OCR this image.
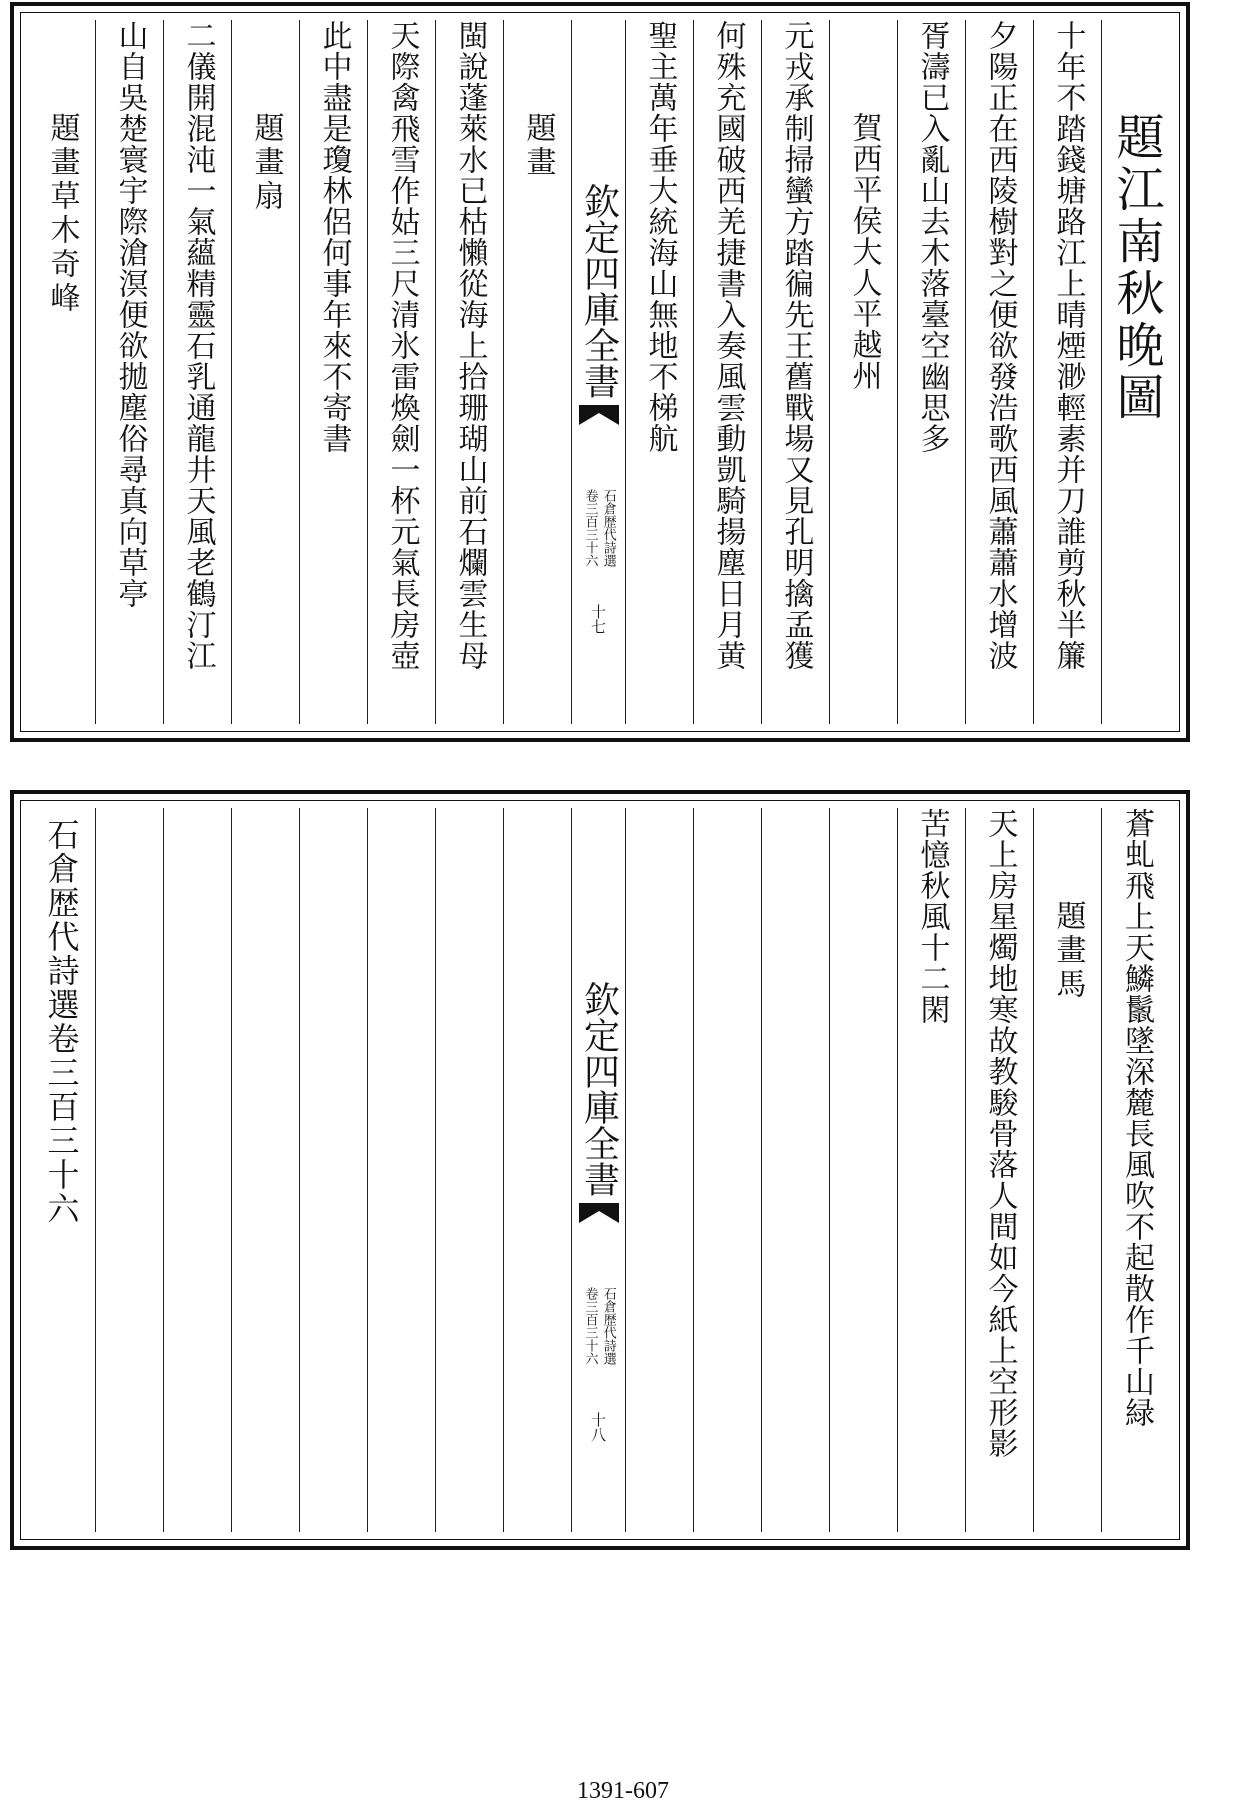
題江南秋晚圖
十年不踏錢塘路江上晴煙渺輕素并刀誰剪秋半簾
夕陽正在西陵樹對之便欲發浩歌西風蕭蕭水增波
胥濤已入亂山去木落臺空幽思多
賀西平侯大人平越州
元戎承制掃蠻方踏徧先王舊戰場又見孔明擒孟獲
何殊充國破西羌捷書入奏風雲動凱騎揚塵日月黄
聖主萬年垂大統海山無地不梯航
欽定四庫全書
石倉歴代詩選
卷三百三十六
十七
題畫
閩說蓬萊水已枯懶從海上拾珊瑚山前石爛雲生母
天際禽飛雪作姑三尺清氷雷煥劍一杯元氣長房壺
此中盡是瓊林侶何事年來不寄書
題畫扇
二儀開混沌一氣蘊精靈石乳通龍井天風老鶴汀江
山自吳楚寰宇際滄溟便欲拋塵俗尋真向草亭
題畫草木奇峰
蒼虬飛上天鱗鬛墜深麓長風吹不起散作千山緑
題畫馬
天上房星燭地寒故教駿骨落人間如今紙上空形影
苦憶秋風十二閑
欽定四庫全書
石倉歴代詩選
卷三百三十六
十八
石倉歴代詩選卷三百三十六
1391-607
